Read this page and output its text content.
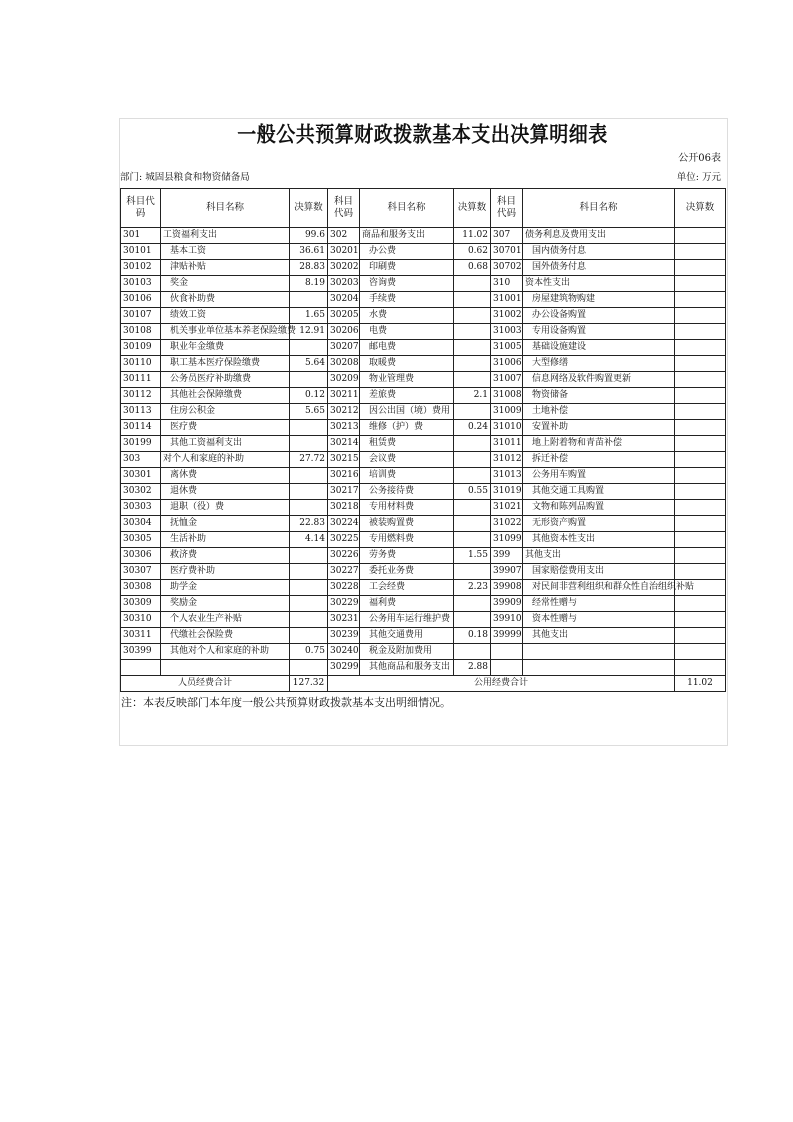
一般公共预算财政拨款基本支出决算明细表
公开06表
部门: 城固县粮食和物资储备局	单位: 万元
科目代码	科目名称	决算数	科目代码	科目名称	决算数	科目代码	科目名称	决算数
301	工资福利支出	99.6	302	商品和服务支出	11.02	307	债务利息及费用支出	
30101	基本工资	36.61	30201	办公费	0.62	30701	国内债务付息	
30102	津贴补贴	28.83	30202	印刷费	0.68	30702	国外债务付息	
30103	奖金	8.19	30203	咨询费		310	资本性支出	
30106	伙食补助费		30204	手续费		31001	房屋建筑物购建	
30107	绩效工资	1.65	30205	水费		31002	办公设备购置	
30108	机关事业单位基本养老保险缴费	12.91	30206	电费		31003	专用设备购置	
30109	职业年金缴费		30207	邮电费		31005	基础设施建设	
30110	职工基本医疗保险缴费	5.64	30208	取暖费		31006	大型修缮	
30111	公务员医疗补助缴费		30209	物业管理费		31007	信息网络及软件购置更新	
30112	其他社会保障缴费	0.12	30211	差旅费	2.1	31008	物资储备	
30113	住房公积金	5.65	30212	因公出国（境）费用		31009	土地补偿	
30114	医疗费		30213	维修（护）费	0.24	31010	安置补助	
30199	其他工资福利支出		30214	租赁费		31011	地上附着物和青苗补偿	
303	对个人和家庭的补助	27.72	30215	会议费		31012	拆迁补偿	
30301	离休费		30216	培训费		31013	公务用车购置	
30302	退休费		30217	公务接待费	0.55	31019	其他交通工具购置	
30303	退职（役）费		30218	专用材料费		31021	文物和陈列品购置	
30304	抚恤金	22.83	30224	被装购置费		31022	无形资产购置	
30305	生活补助	4.14	30225	专用燃料费		31099	其他资本性支出	
30306	救济费		30226	劳务费	1.55	399	其他支出	
30307	医疗费补助		30227	委托业务费		39907	国家赔偿费用支出	
30308	助学金		30228	工会经费	2.23	39908	对民间非营利组织和群众性自治组织补贴	
30309	奖励金		30229	福利费		39909	经常性赠与	
30310	个人农业生产补贴		30231	公务用车运行维护费		39910	资本性赠与	
30311	代缴社会保险费		30239	其他交通费用	0.18	39999	其他支出	
30399	其他对个人和家庭的补助	0.75	30240	税金及附加费用				
			30299	其他商品和服务支出	2.88			
人员经费合计		127.32	公用经费合计					11.02
注：本表反映部门本年度一般公共预算财政拨款基本支出明细情况。
